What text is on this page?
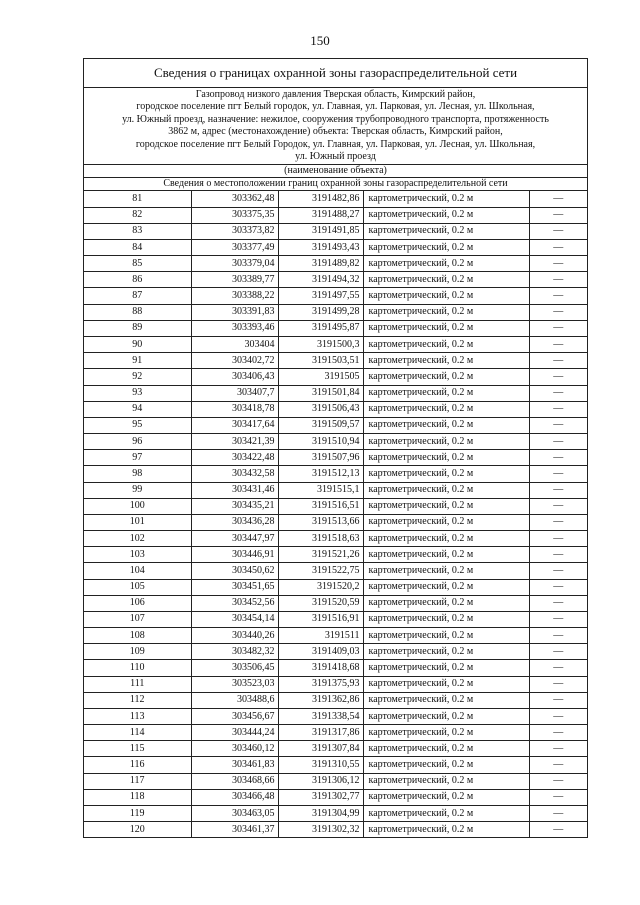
150
Сведения о границах охранной зоны газораспределительной сети
Газопровод низкого давления Тверская область, Кимрский район,
городское поселение пгт Белый городок, ул. Главная, ул. Парковая, ул. Лесная, ул. Школьная,
ул. Южный проезд, назначение: нежилое, сооружения трубопроводного транспорта, протяженность
3862 м, адрес (местонахождение) объекта: Тверская область, Кимрский район,
городское поселение пгт Белый Городок, ул. Главная, ул. Парковая, ул. Лесная, ул. Школьная,
ул. Южный проезд
(наименование объекта)
Сведения о местоположении границ охранной зоны газораспределительной сети
81	303362,48	3191482,86	картометрический, 0.2 м	—
82	303375,35	3191488,27	картометрический, 0.2 м	—
83	303373,82	3191491,85	картометрический, 0.2 м	—
84	303377,49	3191493,43	картометрический, 0.2 м	—
85	303379,04	3191489,82	картометрический, 0.2 м	—
86	303389,77	3191494,32	картометрический, 0.2 м	—
87	303388,22	3191497,55	картометрический, 0.2 м	—
88	303391,83	3191499,28	картометрический, 0.2 м	—
89	303393,46	3191495,87	картометрический, 0.2 м	—
90	303404	3191500,3	картометрический, 0.2 м	—
91	303402,72	3191503,51	картометрический, 0.2 м	—
92	303406,43	3191505	картометрический, 0.2 м	—
93	303407,7	3191501,84	картометрический, 0.2 м	—
94	303418,78	3191506,43	картометрический, 0.2 м	—
95	303417,64	3191509,57	картометрический, 0.2 м	—
96	303421,39	3191510,94	картометрический, 0.2 м	—
97	303422,48	3191507,96	картометрический, 0.2 м	—
98	303432,58	3191512,13	картометрический, 0.2 м	—
99	303431,46	3191515,1	картометрический, 0.2 м	—
100	303435,21	3191516,51	картометрический, 0.2 м	—
101	303436,28	3191513,66	картометрический, 0.2 м	—
102	303447,97	3191518,63	картометрический, 0.2 м	—
103	303446,91	3191521,26	картометрический, 0.2 м	—
104	303450,62	3191522,75	картометрический, 0.2 м	—
105	303451,65	3191520,2	картометрический, 0.2 м	—
106	303452,56	3191520,59	картометрический, 0.2 м	—
107	303454,14	3191516,91	картометрический, 0.2 м	—
108	303440,26	3191511	картометрический, 0.2 м	—
109	303482,32	3191409,03	картометрический, 0.2 м	—
110	303506,45	3191418,68	картометрический, 0.2 м	—
111	303523,03	3191375,93	картометрический, 0.2 м	—
112	303488,6	3191362,86	картометрический, 0.2 м	—
113	303456,67	3191338,54	картометрический, 0.2 м	—
114	303444,24	3191317,86	картометрический, 0.2 м	—
115	303460,12	3191307,84	картометрический, 0.2 м	—
116	303461,83	3191310,55	картометрический, 0.2 м	—
117	303468,66	3191306,12	картометрический, 0.2 м	—
118	303466,48	3191302,77	картометрический, 0.2 м	—
119	303463,05	3191304,99	картометрический, 0.2 м	—
120	303461,37	3191302,32	картометрический, 0.2 м	—
